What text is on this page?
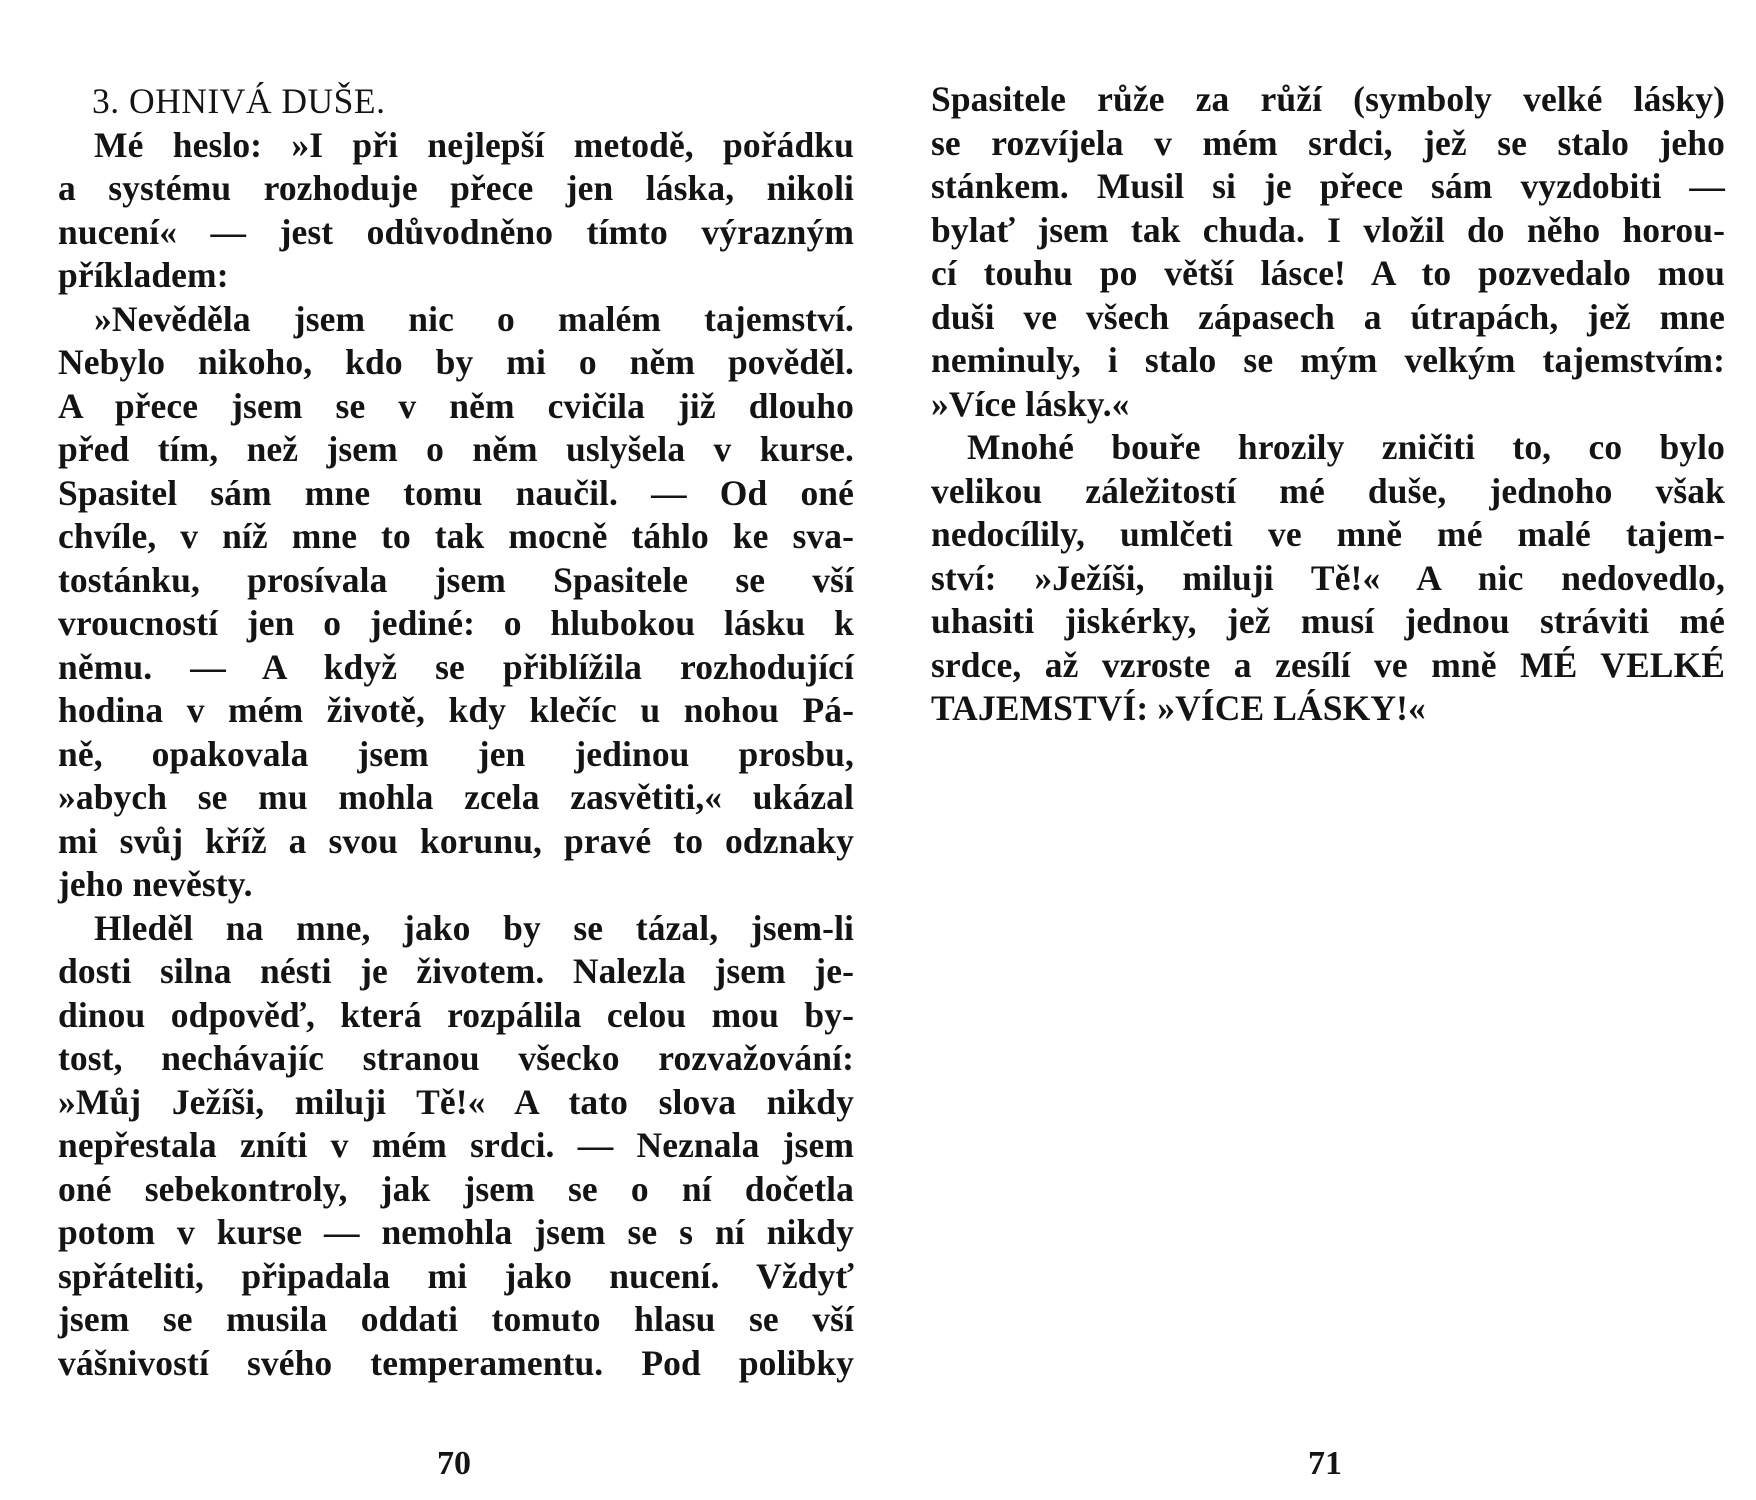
3. OHNIVÁ DUŠE.
Mé heslo: »I při nejlepší metodě, pořádku
a systému rozhoduje přece jen láska, nikoli
nucení« — jest odůvodněno tímto výrazným
příkladem:
»Nevěděla jsem nic o malém tajemství.
Nebylo nikoho, kdo by mi o něm pověděl.
A přece jsem se v něm cvičila již dlouho
před tím, než jsem o něm uslyšela v kurse.
Spasitel sám mne tomu naučil. — Od oné
chvíle, v níž mne to tak mocně táhlo ke sva-
tostánku, prosívala jsem Spasitele se vší
vroucností jen o jediné: o hlubokou lásku k
němu. — A když se přiblížila rozhodující
hodina v mém životě, kdy klečíc u nohou Pá-
ně, opakovala jsem jen jedinou prosbu,
»abych se mu mohla zcela zasvětiti,« ukázal
mi svůj kříž a svou korunu, pravé to odznaky
jeho nevěsty.
Hleděl na mne, jako by se tázal, jsem-li
dosti silna nésti je životem. Nalezla jsem je-
dinou odpověď, která rozpálila celou mou by-
tost, nechávajíc stranou všecko rozvažování:
»Můj Ježíši, miluji Tě!« A tato slova nikdy
nepřestala zníti v mém srdci. — Neznala jsem
oné sebekontroly, jak jsem se o ní dočetla
potom v kurse — nemohla jsem se s ní nikdy
spřáteliti, připadala mi jako nucení. Vždyť
jsem se musila oddati tomuto hlasu se vší
vášnivostí svého temperamentu. Pod polibky
70
Spasitele růže za růží (symboly velké lásky)
se rozvíjela v mém srdci, jež se stalo jeho
stánkem. Musil si je přece sám vyzdobiti —
bylať jsem tak chuda. I vložil do něho horou-
cí touhu po větší lásce! A to pozvedalo mou
duši ve všech zápasech a útrapách, jež mne
neminuly, i stalo se mým velkým tajemstvím:
»Více lásky.«
Mnohé bouře hrozily zničiti to, co bylo
velikou záležitostí mé duše, jednoho však
nedocílily, umlčeti ve mně mé malé tajem-
ství: »Ježíši, miluji Tě!« A nic nedovedlo,
uhasiti jiskérky, jež musí jednou stráviti mé
srdce, až vzroste a zesílí ve mně MÉ VELKÉ
TAJEMSTVÍ: »VÍCE LÁSKY!«
71
